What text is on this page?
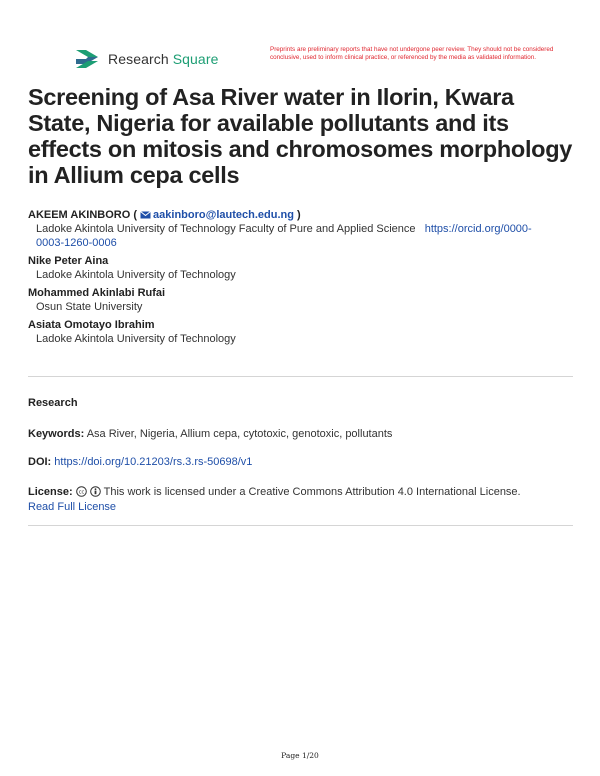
Research Square
Preprints are preliminary reports that have not undergone peer review. They should not be considered conclusive, used to inform clinical practice, or referenced by the media as validated information.
Screening of Asa River water in Ilorin, Kwara State, Nigeria for available pollutants and its effects on mitosis and chromosomes morphology in Allium cepa cells
AKEEM AKINBORO ( aakinboro@lautech.edu.ng )
Ladoke Akintola University of Technology Faculty of Pure and Applied Science https://orcid.org/0000-
0003-1260-0006
Nike Peter Aina
Ladoke Akintola University of Technology
Mohammed Akinlabi Rufai
Osun State University
Asiata Omotayo Ibrahim
Ladoke Akintola University of Technology
Research
Keywords: Asa River, Nigeria, Allium cepa, cytotoxic, genotoxic, pollutants
DOI: https://doi.org/10.21203/rs.3.rs-50698/v1
License: cc This work is licensed under a Creative Commons Attribution 4.0 International License.
Read Full License
Page 1/20
